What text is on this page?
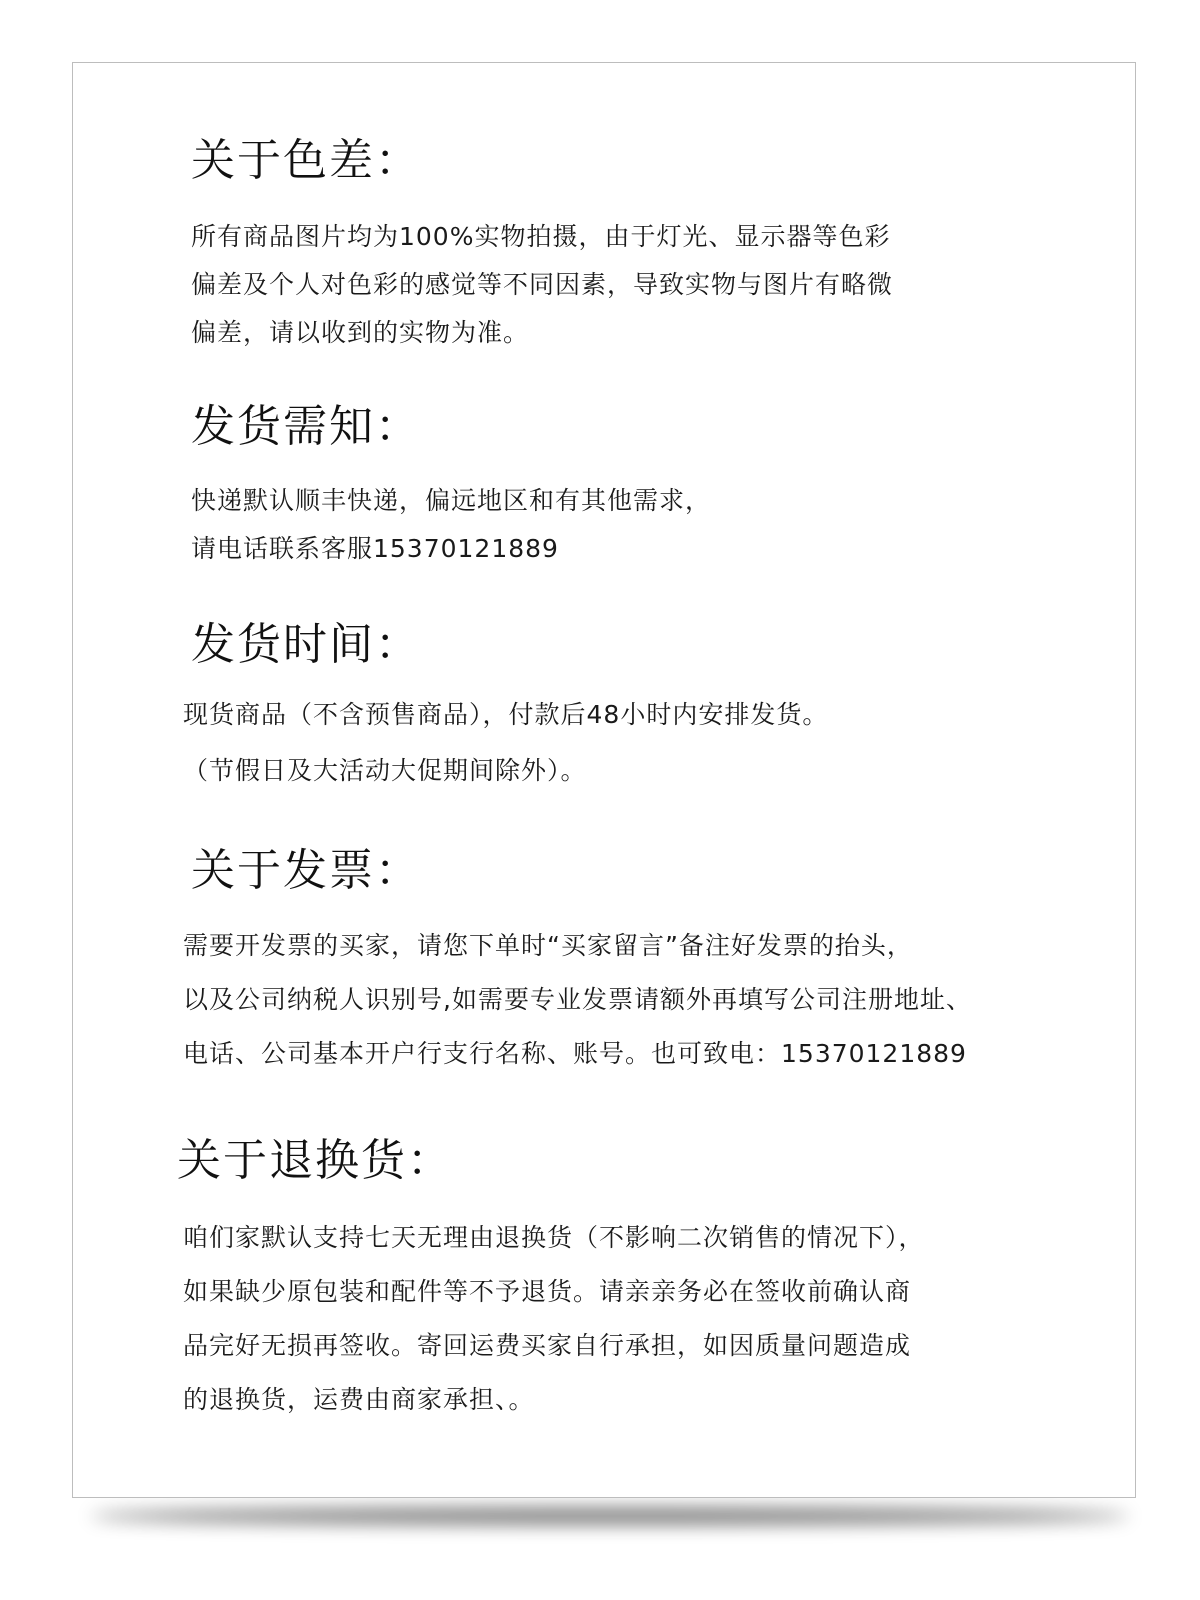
关于色差：
所有商品图片均为100%实物拍摄，由于灯光、显示器等色彩
偏差及个人对色彩的感觉等不同因素，导致实物与图片有略微
偏差，请以收到的实物为准。
发货需知：
快递默认顺丰快递，偏远地区和有其他需求，
请电话联系客服15370121889
发货时间：
现货商品（不含预售商品），付款后48小时内安排发货。
（节假日及大活动大促期间除外）。
关于发票：
需要开发票的买家，请您下单时“买家留言”备注好发票的抬头，
以及公司纳税人识别号,如需要专业发票请额外再填写公司注册地址、
电话、公司基本开户行支行名称、账号。也可致电：15370121889
关于退换货：
咱们家默认支持七天无理由退换货（不影响二次销售的情况下），
如果缺少原包装和配件等不予退货。请亲亲务必在签收前确认商
品完好无损再签收。寄回运费买家自行承担，如因质量问题造成
的退换货，运费由商家承担、。
